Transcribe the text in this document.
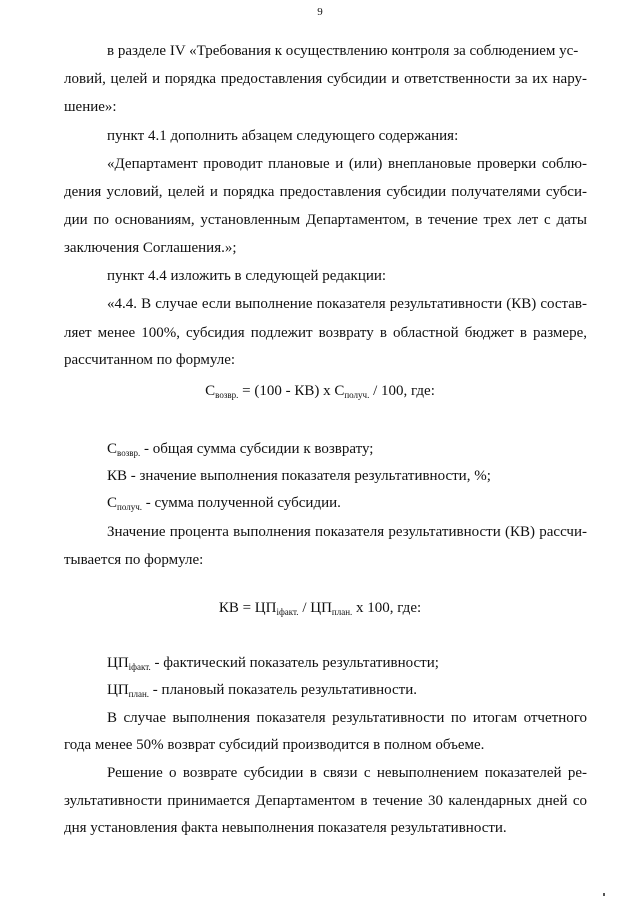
9
в разделе IV «Требования к осуществлению контроля за соблюдением ус-
ловий, целей и порядка предоставления субсидии и ответственности за их нару-
шение»:
пункт 4.1 дополнить абзацем следующего содержания:
«Департамент проводит плановые и (или) внеплановые проверки соблю-
дения условий, целей и порядка предоставления субсидии получателями субси-
дии по основаниям, установленным Департаментом, в течение трех лет с даты
заключения Соглашения.»;
пункт 4.4 изложить в следующей редакции:
«4.4. В случае если выполнение показателя результативности (КВ) состав-
ляет менее 100%, субсидия подлежит возврату в областной бюджет в размере,
рассчитанном по формуле:
$С_{возвр.} = (100 - КВ)$ х $С_{получ.} / 100$, где:
$С_{возвр.}$ - общая сумма субсидии к возврату;
КВ - значение выполнения показателя результативности, %;
$С_{получ.}$ - сумма полученной субсидии.
Значение процента выполнения показателя результативности (КВ) рассчи-
тывается по формуле:
КВ = $ЦП_{iфакт.} / ЦП_{план.}$ х 100, где:
$ЦП_{iфакт.}$ - фактический показатель результативности;
$ЦП_{план.}$ - плановый показатель результативности.
В случае выполнения показателя результативности по итогам отчетного
года менее 50% возврат субсидий производится в полном объеме.
Решение о возврате субсидии в связи с невыполнением показателей ре-
зультативности принимается Департаментом в течение 30 календарных дней со
дня установления факта невыполнения показателя результативности.
